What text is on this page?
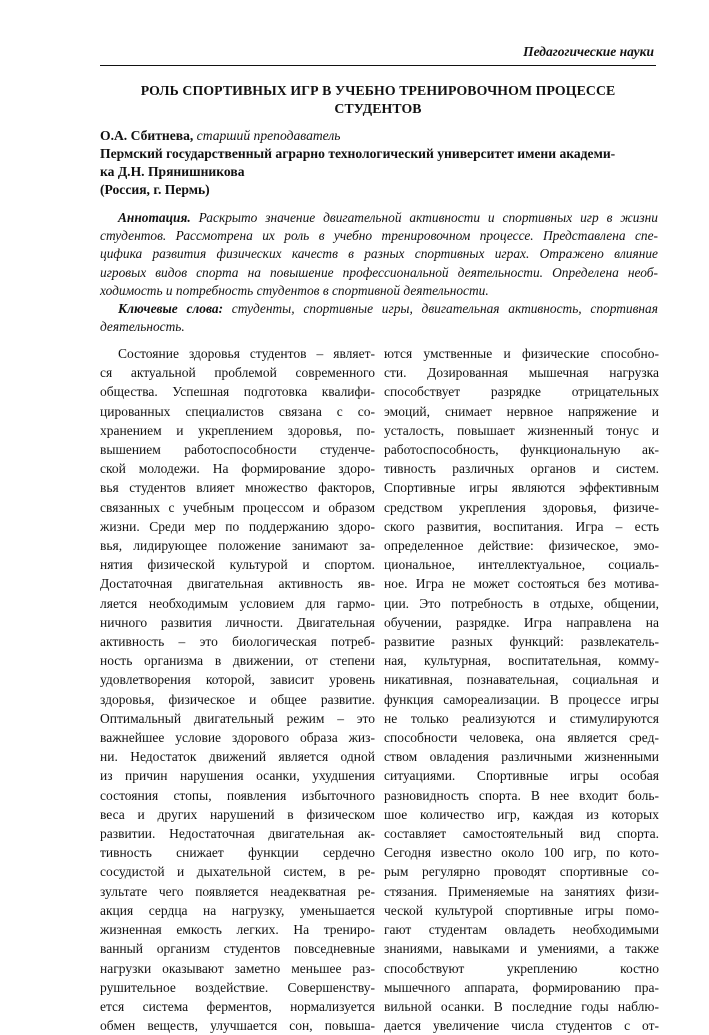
Педагогические науки
РОЛЬ СПОРТИВНЫХ ИГР В УЧЕБНО ТРЕНИРОВОЧНОМ ПРОЦЕССЕ
СТУДЕНТОВ
О.А. Сбитнева, старший преподаватель
Пермский государственный аграрно технологический университет имени академи-
ка Д.Н. Прянишникова
(Россия, г. Пермь)
Аннотация. Раскрыто значение двигательной активности и спортивных игр в жизни
студентов. Рассмотрена их роль в учебно тренировочном процессе. Представлена спе-
цифика развития физических качеств в разных спортивных играх. Отражено влияние
игровых видов спорта на повышение профессиональной деятельности. Определена необ-
ходимость и потребность студентов в спортивной деятельности.
Ключевые слова: студенты, спортивные игры, двигательная активность, спортивная
деятельность.
Состояние здоровья студентов – являет-
ся актуальной проблемой современного
общества. Успешная подготовка квалифи-
цированных специалистов связана с со-
хранением и укреплением здоровья, по-
вышением работоспособности студенче-
ской молодежи. На формирование здоро-
вья студентов влияет множество факторов,
связанных с учебным процессом и образом
жизни. Среди мер по поддержанию здоро-
вья, лидирующее положение занимают за-
нятия физической культурой и спортом.
Достаточная двигательная активность яв-
ляется необходимым условием для гармо-
ничного развития личности. Двигательная
активность – это биологическая потреб-
ность организма в движении, от степени
удовлетворения которой, зависит уровень
здоровья, физическое и общее развитие.
Оптимальный двигательный режим – это
важнейшее условие здорового образа жиз-
ни. Недостаток движений является одной
из причин нарушения осанки, ухудшения
состояния стопы, появления избыточного
веса и других нарушений в физическом
развитии. Недостаточная двигательная ак-
тивность снижает функции сердечно
сосудистой и дыхательной систем, в ре-
зультате чего появляется неадекватная ре-
акция сердца на нагрузку, уменьшается
жизненная емкость легких. На трениро-
ванный организм студентов повседневные
нагрузки оказывают заметно меньшее раз-
рушительное воздействие. Совершенству-
ется система ферментов, нормализуется
обмен веществ, улучшается сон, повыша-
ются умственные и физические способно-
сти. Дозированная мышечная нагрузка
способствует разрядке отрицательных
эмоций, снимает нервное напряжение и
усталость, повышает жизненный тонус и
работоспособность, функциональную ак-
тивность различных органов и систем.
Спортивные игры являются эффективным
средством укрепления здоровья, физиче-
ского развития, воспитания. Игра – есть
определенное действие: физическое, эмо-
циональное, интеллектуальное, социаль-
ное. Игра не может состояться без мотива-
ции. Это потребность в отдыхе, общении,
обучении, разрядке. Игра направлена на
развитие разных функций: развлекатель-
ная, культурная, воспитательная, комму-
никативная, познавательная, социальная и
функция самореализации. В процессе игры
не только реализуются и стимулируются
способности человека, она является сред-
ством овладения различными жизненными
ситуациями. Спортивные игры особая
разновидность спорта. В нее входит боль-
шое количество игр, каждая из которых
составляет самостоятельный вид спорта.
Сегодня известно около 100 игр, по кото-
рым регулярно проводят спортивные со-
стязания. Применяемые на занятиях физи-
ческой культурой спортивные игры помо-
гают студентам овладеть необходимыми
знаниями, навыками и умениями, а также
способствуют укреплению костно
мышечного аппарата, формированию пра-
вильной осанки. В последние годы наблю-
дается увеличение числа студентов с от-
